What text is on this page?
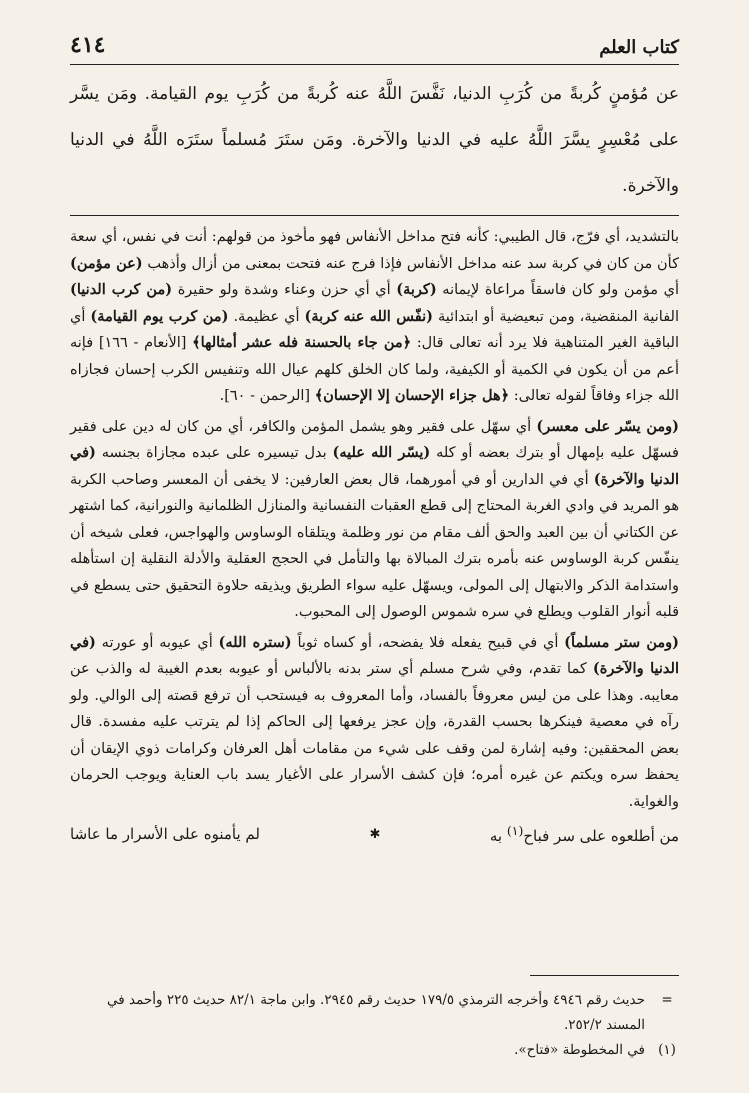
كتاب العلم
٤١٤
عن مُؤمنٍ كُربةً من كُرَبِ الدنيا، نَفَّسَ اللَّهُ عنه كُربةً من كُرَبِ يوم القيامة. ومَن يسَّر على مُعْسِرٍ يسَّرَ اللَّهُ عليه في الدنيا والآخرة. ومَن ستَرَ مُسلماً ستَرَه اللَّهُ في الدنيا والآخرة.

بالتشديد، أي فرّج، قال الطيبي: كأنه فتح مداخل الأنفاس فهو مأخوذ من قولهم: أنت في نفس، أي سعة كأن من كان في كربة سد عنه مداخل الأنفاس فإذا فرج عنه فتحت بمعنى من أزال وأذهب (عن مؤمن) أي مؤمن ولو كان فاسقاً مراعاة لإيمانه (كربة) أي أي حزن وعناء وشدة ولو حقيرة (من كرب الدنيا) الفانية المنقضية، ومن تبعيضية أو ابتدائية (نفّس الله عنه كربة) أي عظيمة. (من كرب يوم القيامة) أي الباقية الغير المتناهية فلا يرد أنه تعالى قال: ﴿من جاء بالحسنة فله عشر أمثالها﴾ [الأنعام - ١٦٦] فإنه أعم من أن يكون في الكمية أو الكيفية، ولما كان الخلق كلهم عيال الله وتنفيس الكرب إحسان فجازاه الله جزاء وفاقاً لقوله تعالى: ﴿هل جزاء الإحسان إلا الإحسان﴾ [الرحمن - ٦٠].

(ومن يسّر على معسر) أي سهّل على فقير وهو يشمل المؤمن والكافر، أي من كان له دين على فقير فسهّل عليه بإمهال أو بترك بعضه أو كله (يسّر الله عليه) بدل تيسيره على عبده مجازاة بجنسه (في الدنيا والآخرة) أي في الدارين أو في أمورهما، قال بعض العارفين: لا يخفى أن المعسر وصاحب الكربة هو المريد في وادي الغربة المحتاج إلى قطع العقبات النفسانية والمنازل الظلمانية والنورانية، كما اشتهر عن الكتاني أن بين العبد والحق ألف مقام من نور وظلمة ويتلقاه الوساوس والهواجس، فعلى شيخه أن ينفّس كربة الوساوس عنه بأمره بترك المبالاة بها والتأمل في الحجج العقلية والأدلة النقلية إن استأهله واستدامة الذكر والابتهال إلى المولى، ويسهّل عليه سواء الطريق ويذيقه حلاوة التحقيق حتى يسطع في قلبه أنوار القلوب ويطلع في سره شموس الوصول إلى المحبوب.

(ومن ستر مسلماً) أي في قبيح يفعله فلا يفضحه، أو كساه ثوباً (ستره الله) أي عيوبه أو عورته (في الدنيا والآخرة) كما تقدم، وفي شرح مسلم أي ستر بدنه بالألباس أو عيوبه بعدم الغيبة له والذب عن معايبه. وهذا على من ليس معروفاً بالفساد، وأما المعروف به فيستحب أن ترفع قصته إلى الوالي. ولو رآه في معصية فينكرها بحسب القدرة، وإن عجز يرفعها إلى الحاكم إذا لم يترتب عليه مفسدة. قال بعض المحققين: وفيه إشارة لمن وقف على شيء من مقامات أهل العرفان وكرامات ذوي الإيقان أن يحفظ سره ويكتم عن غيره أمره؛ فإن كشف الأسرار على الأغيار يسد باب العناية ويوجب الحرمان والغواية.

من أطلعوه على سر فباح$^{(١)}$ به
✱
لم يأمنوه على الأسرار ما عاشا
=
حديث رقم ٤٩٤٦ وأخرجه الترمذي ١٧٩/٥ حديث رقم ٢٩٤٥. وابن ماجة ٨٢/١ حديث ٢٢٥ وأحمد في المسند ٢٥٢/٢.
(١)
في المخطوطة «فتاح».
